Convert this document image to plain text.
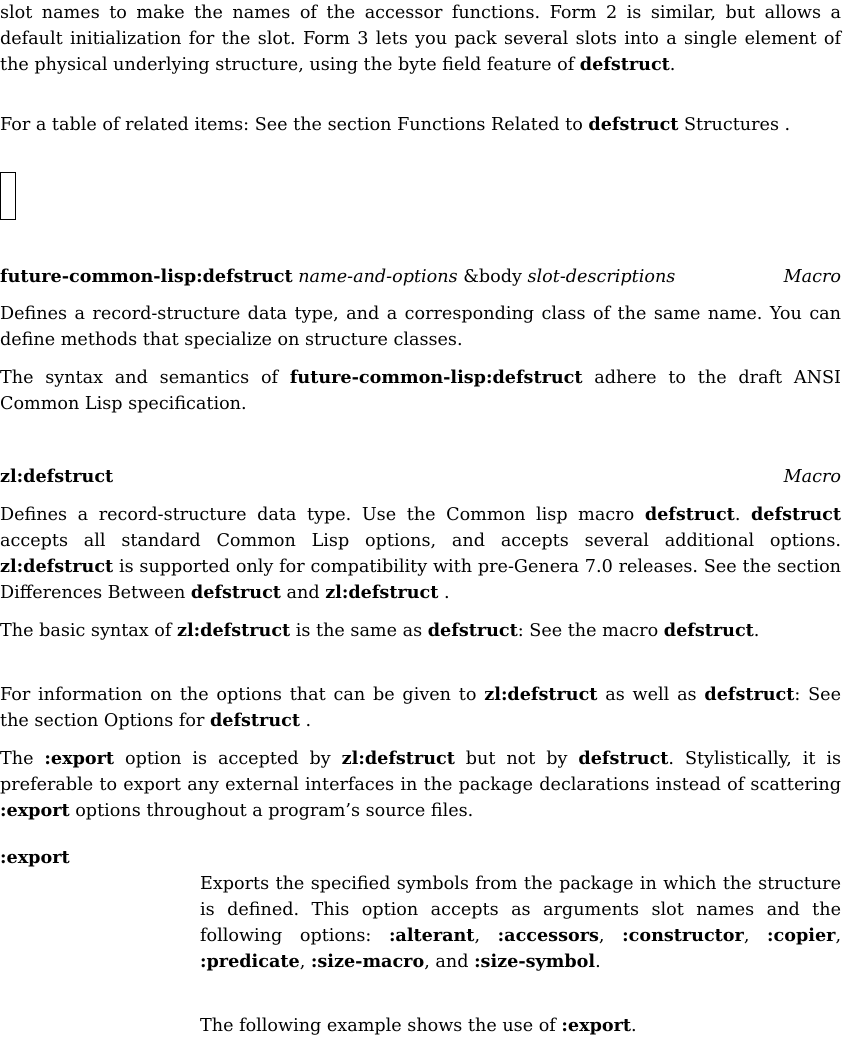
slot names to make the names of the accessor functions. Form 2 is similar, but allows a default initialization for the slot. Form 3 lets you pack several slots into a single element of the physical underlying structure, using the byte field feature of defstruct.

For a table of related items: See the section Functions Related to defstruct Structures .

future-common-lisp:defstruct name-and-options &body slot-descriptions	Macro

Defines a record-structure data type, and a corresponding class of the same name. You can define methods that specialize on structure classes.

The syntax and semantics of future-common-lisp:defstruct adhere to the draft ANSI Common Lisp specification.

zl:defstruct	Macro

Defines a record-structure data type. Use the Common lisp macro defstruct. defstruct accepts all standard Common Lisp options, and accepts several additional options. zl:defstruct is supported only for compatibility with pre-Genera 7.0 releases. See the section Differences Between defstruct and zl:defstruct .

The basic syntax of zl:defstruct is the same as defstruct: See the macro defstruct.

For information on the options that can be given to zl:defstruct as well as defstruct: See the section Options for defstruct .

The :export option is accepted by zl:defstruct but not by defstruct. Stylistically, it is preferable to export any external interfaces in the package declarations instead of scattering :export options throughout a program’s source files.

:export

Exports the specified symbols from the package in which the structure is defined. This option accepts as arguments slot names and the following options: :alterant, :accessors, :constructor, :copier, :predicate, :size-macro, and :size-symbol.

The following example shows the use of :export.
